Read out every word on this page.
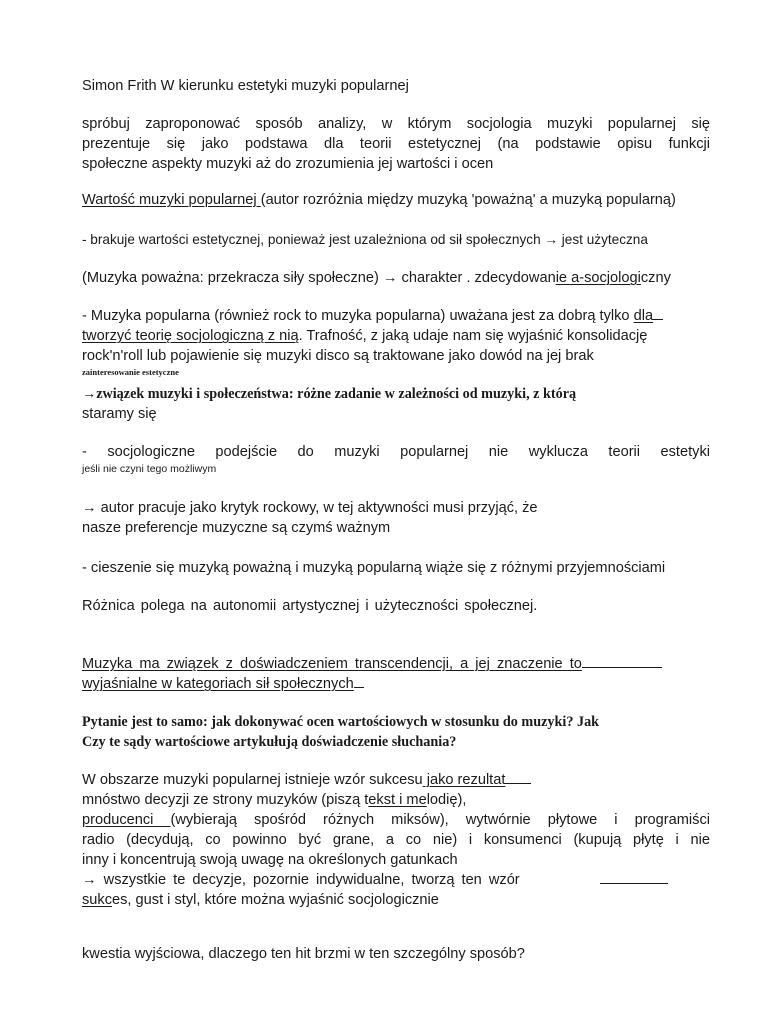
Simon Frith W kierunku estetyki muzyki popularnej

spróbuj zaproponować sposób analizy, w którym socjologia muzyki popularnej się
prezentuje się jako podstawa dla teorii estetycznej (na podstawie opisu funkcji
społeczne aspekty muzyki aż do zrozumienia jej wartości i ocen

Wartość muzyki popularnej (autor rozróżnia między muzyką 'poważną' a muzyką popularną)

- brakuje wartości estetycznej, ponieważ jest uzależniona od sił społecznych → jest użyteczna

(Muzyka poważna: przekracza siły społeczne) → charakter . zdecydowanie a-socjologiczny

- Muzyka popularna (również rock to muzyka popularna) uważana jest za dobrą tylko dla
tworzyć teorię socjologiczną z nią. Trafność, z jaką udaje nam się wyjaśnić konsolidację
rock'n'roll lub pojawienie się muzyki disco są traktowane jako dowód na jej brak
zainteresowanie estetyczne

→związek muzyki i społeczeństwa: różne zadanie w zależności od muzyki, z którą
staramy się

- socjologiczne podejście do muzyki popularnej nie wyklucza teorii estetyki
jeśli nie czyni tego możliwym

→ autor pracuje jako krytyk rockowy, w tej aktywności musi przyjąć, że
nasze preferencje muzyczne są czymś ważnym

- cieszenie się muzyką poważną i muzyką popularną wiąże się z różnymi przyjemnościami

Różnica polega na autonomii artystycznej i użyteczności społecznej.

Muzyka ma związek z doświadczeniem transcendencji, a jej znaczenie to
wyjaśnialne w kategoriach sił społecznych

Pytanie jest to samo: jak dokonywać ocen wartościowych w stosunku do muzyki? Jak
Czy te sądy wartościowe artykułują doświadczenie słuchania?

W obszarze muzyki popularnej istnieje wzór sukcesu jako rezultat
mnóstwo decyzji ze strony muzyków (piszą tekst i melodię),
producenci (wybierają spośród różnych miksów), wytwórnie płytowe i programiści
radio (decydują, co powinno być grane, a co nie) i konsumenci (kupują płytę i nie
inny i koncentrują swoją uwagę na określonych gatunkach
→ wszystkie te decyzje, pozornie indywidualne, tworzą ten wzór
sukces, gust i styl, które można wyjaśnić socjologicznie

kwestia wyjściowa, dlaczego ten hit brzmi w ten szczególny sposób?
